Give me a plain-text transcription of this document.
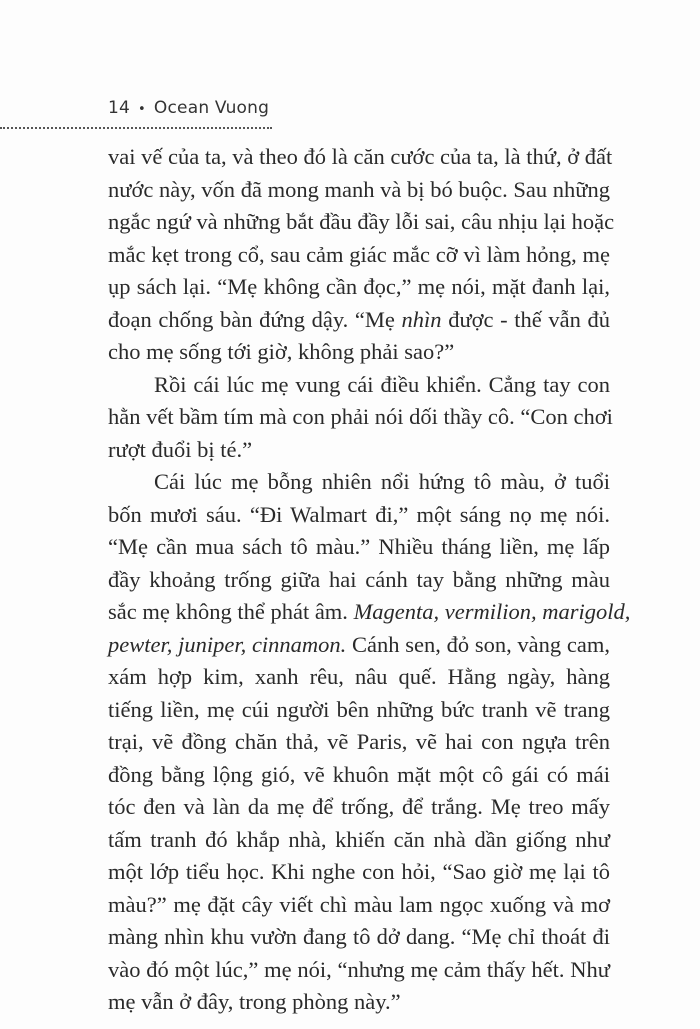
14 • Ocean Vuong
vai vế của ta, và theo đó là căn cước của ta, là thứ, ở đất
nước này, vốn đã mong manh và bị bó buộc. Sau những
ngắc ngứ và những bắt đầu đầy lỗi sai, câu nhịu lại hoặc
mắc kẹt trong cổ, sau cảm giác mắc cỡ vì làm hỏng, mẹ
ụp sách lại. “Mẹ không cần đọc,” mẹ nói, mặt đanh lại,
đoạn chống bàn đứng dậy. “Mẹ nhìn được - thế vẫn đủ
cho mẹ sống tới giờ, không phải sao?”
Rồi cái lúc mẹ vung cái điều khiển. Cẳng tay con
hằn vết bầm tím mà con phải nói dối thầy cô. “Con chơi
rượt đuổi bị té.”
Cái lúc mẹ bỗng nhiên nổi hứng tô màu, ở tuổi
bốn mươi sáu. “Đi Walmart đi,” một sáng nọ mẹ nói.
“Mẹ cần mua sách tô màu.” Nhiều tháng liền, mẹ lấp
đầy khoảng trống giữa hai cánh tay bằng những màu
sắc mẹ không thể phát âm. Magenta, vermilion, marigold,
pewter, juniper, cinnamon. Cánh sen, đỏ son, vàng cam,
xám hợp kim, xanh rêu, nâu quế. Hằng ngày, hàng
tiếng liền, mẹ cúi người bên những bức tranh vẽ trang
trại, vẽ đồng chăn thả, vẽ Paris, vẽ hai con ngựa trên
đồng bằng lộng gió, vẽ khuôn mặt một cô gái có mái
tóc đen và làn da mẹ để trống, để trắng. Mẹ treo mấy
tấm tranh đó khắp nhà, khiến căn nhà dần giống như
một lớp tiểu học. Khi nghe con hỏi, “Sao giờ mẹ lại tô
màu?” mẹ đặt cây viết chì màu lam ngọc xuống và mơ
màng nhìn khu vườn đang tô dở dang. “Mẹ chỉ thoát đi
vào đó một lúc,” mẹ nói, “nhưng mẹ cảm thấy hết. Như
mẹ vẫn ở đây, trong phòng này.”
